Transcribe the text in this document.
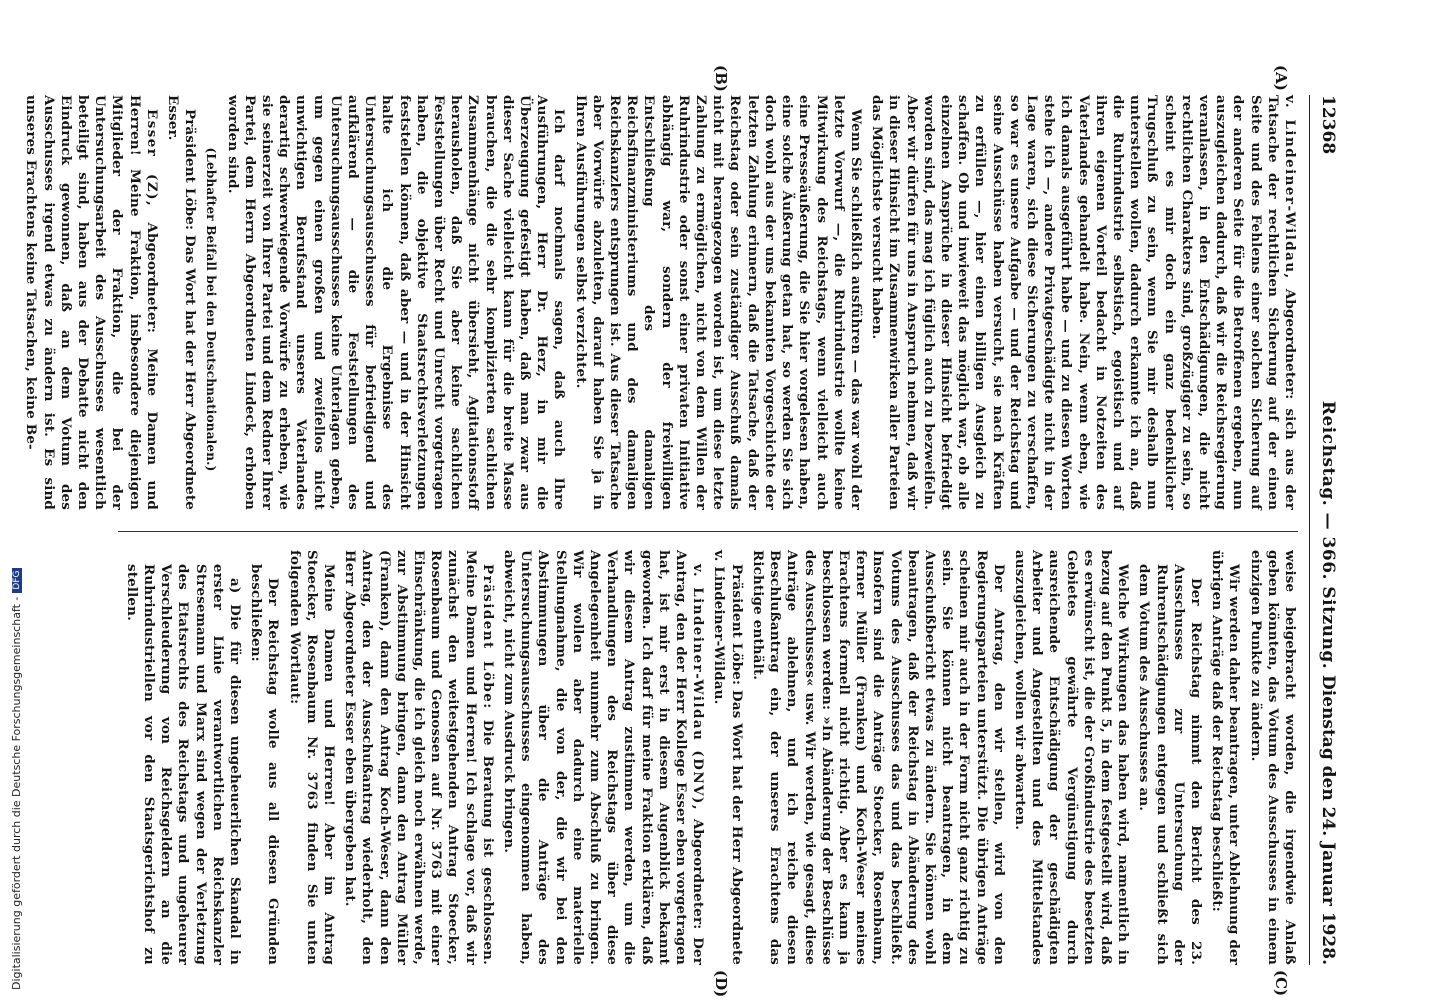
12368
Reichstag. — 366. Sitzung.
Dienstag den 24. Januar 1928.
(A)
(B)
(C)
(D)

v. Lindeiner-Wildau, Abgeordneter: sich aus der Tatsache der rechtlichen Sicherung auf der einen Seite und des Fehlens einer solchen Sicherung auf der anderen Seite für die Betroffenen ergeben, nun auszugleichen dadurch, daß wir die Reichsregierung veranlassen, in den Entschädigungen, die nicht rechtlichen Charakters sind, großzügiger zu sein, so scheint es mir doch ein ganz bedenklicher Trugschluß zu sein, wenn Sie mir deshalb nun unterstellen wollen, dadurch erkannte ich an, daß die Ruhrindustrie selbstisch, egoistisch und auf ihren eigenen Vorteil bedacht in Notzeiten des Vaterlandes gehandelt habe. Nein, wenn eben, wie ich damals ausgeführt habe — und zu diesen Worten stehe ich —, andere Privatgeschädigte nicht in der Lage waren, sich diese Sicherungen zu verschaffen, so war es unsere Aufgabe — und der Reichstag und seine Ausschüsse haben versucht, sie nach Kräften zu erfüllen —, hier einen billigen Ausgleich zu schaffen. Ob und inwieweit das möglich war, ob alle einzelnen Ansprüche in dieser Hinsicht befriedigt worden sind, das mag ich füglich auch zu bezweifeln. Aber wir dürfen für uns in Anspruch nehmen, daß wir in dieser Hinsicht im Zusammenwirken aller Parteien das Möglichste versucht haben.

Wenn Sie schließlich ausführen — das war wohl der letzte Vorwurf —, die Ruhrindustrie wollte keine Mitwirkung des Reichstags, wenn vielleicht auch eine Presseäußerung, die Sie hier vorgelesen haben, eine solche Äußerung getan hat, so werden Sie sich doch wohl aus der uns bekannten Vorgeschichte der letzten Zahlung erinnern, daß die Tatsache, daß der Reichstag oder sein zuständiger Ausschuß damals nicht mit herangezogen worden ist, um diese letzte Zahlung zu ermöglichen, nicht von dem Willen der Ruhrindustrie oder sonst einer privaten Initiative abhängig war, sondern der freiwilligen Entschließung des damaligen Reichsfinanzministeriums und des damaligen Reichskanzlers entsprungen ist. Aus dieser Tatsache aber Vorwürfe abzuleiten, darauf haben Sie ja in Ihren Ausführungen selbst verzichtet.

Ich darf nochmals sagen, daß auch Ihre Ausführungen, Herr Dr. Herz, in mir die Überzeugung gefestigt haben, daß man zwar aus dieser Sache vielleicht kann für die breite Masse brauchen, die die sehr komplizierten sachlichen Zusammenhänge nicht übersieht, Agitationsstoff herausholen, daß Sie aber keine sachlichen Feststellungen über Recht und Unrecht vorgetragen haben, die objektive Staatsrechtsverletzungen feststellen können, daß aber — und in der Hinsicht halte ich die Ergebnisse des Untersuchungsausschusses für befriedigend und aufklärend — die Feststellungen des Untersuchungsausschusses keine Unterlagen geben, um gegen einen großen und zweifellos nicht unwichtigen Berufsstand unseres Vaterlandes derartig schwerwiegende Vorwürfe zu erheben, wie sie seinerzeit von Ihrer Partei und dem Redner Ihrer Partei, dem Herrn Abgeordneten Lindeck, erhoben worden sind.

(Lebhafter Beifall bei den Deutschnationalen.)

Präsident Löbe: Das Wort hat der Herr Abgeordnete Esser.

Esser (Z), Abgeordneter: Meine Damen und Herren! Meine Fraktion, insbesondere diejenigen Mitglieder der Fraktion, die bei der Untersuchungsarbeit des Ausschusses wesentlich beteiligt sind, haben aus der Debatte nicht den Eindruck gewonnen, daß an dem Votum des Ausschusses irgend etwas zu ändern ist. Es sind unseres Erachtens keine Tatsachen, keine Be-

weise beigebracht worden, die irgendwie Anlaß geben könnten, das Votum des Ausschusses in einem einzigen Punkte zu ändern.

Wir werden daher beantragen, unter Ablehnung der übrigen Anträge daß der Reichstag beschließt:

Der Reichstag nimmt den Bericht des 23. Ausschusses zur Untersuchung der Ruhrentschädigungen entgegen und schließt sich dem Votum des Ausschusses an.

Welche Wirkungen das haben wird, namentlich in bezug auf den Punkt 5, in dem festgestellt wird, daß es erwünscht ist, die der Großindustrie des besetzten Gebietes gewährte Vergünstigung durch ausreichende Entschädigung der geschädigten Arbeiter und Angestellten und des Mittelstandes auszugleichen, wollen wir abwarten.

Der Antrag, den wir stellen, wird von den Regierungsparteien unterstützt. Die übrigen Anträge scheinen mir auch in der Form nicht ganz richtig zu sein. Sie können nicht beantragen, in dem Ausschußbericht etwas zu ändern. Sie können wohl beantragen, daß der Reichstag in Abänderung des Votums des Ausschusses das und das beschließt. Insofern sind die Anträge Stoecker, Rosenbaum, ferner Müller (Franken) und Koch-Weser meines Erachtens formell nicht richtig. Aber es kann ja beschlossen werden: »In Abänderung der Beschlüsse des Ausschusses« usw. Wir werden, wie gesagt, diese Anträge ablehnen, und ich reiche diesen Beschlußantrag ein, der unseres Erachtens das Richtige enthält.

Präsident Löbe: Das Wort hat der Herr Abgeordnete v. Lindeiner-Wildau.

v. Lindeiner-Wildau (DNV), Abgeordneter: Der Antrag, den der Herr Kollege Esser eben vorgetragen hat, ist mir erst in diesem Augenblick bekannt geworden. Ich darf für meine Fraktion erklären, daß wir diesem Antrag zustimmen werden, um die Verhandlungen des Reichstags über diese Angelegenheit nunmehr zum Abschluß zu bringen. Wir wollen aber dadurch eine materielle Stellungnahme, die von der, die wir bei den Abstimmungen über die Anträge des Untersuchungsausschusses eingenommen haben, abweicht, nicht zum Ausdruck bringen.

Präsident Löbe: Die Beratung ist geschlossen. Meine Damen und Herren! Ich schlage vor, daß wir zunächst den weitestgehenden Antrag Stoecker, Rosenbaum und Genossen auf Nr. 3763 mit einer Einschränkung, die ich gleich noch erwähnen werde, zur Abstimmung bringen, dann den Antrag Müller (Franken), dann den Antrag Koch-Weser, dann den Antrag, den der Ausschußantrag wiederholt, den Herr Abgeordneter Esser eben übergeben hat.

Meine Damen und Herren! Aber im Antrag Stoecker, Rosenbaum Nr. 3763 finden Sie unten folgenden Wortlaut:

Der Reichstag wolle aus all diesen Gründen beschließen:

a) Die für diesen ungeheuerlichen Skandal in erster Linie verantwortlichen Reichskanzler Stresemann und Marx sind wegen der Verletzung des Etatsrechts des Reichstags und ungeheurer Verschleuderung von Reichsgeldern an die Ruhrindustriellen vor den Staatsgerichtshof zu stellen.

Digitalisierung gefördert durch die Deutsche Forschungsgemeinschaft -DFG
